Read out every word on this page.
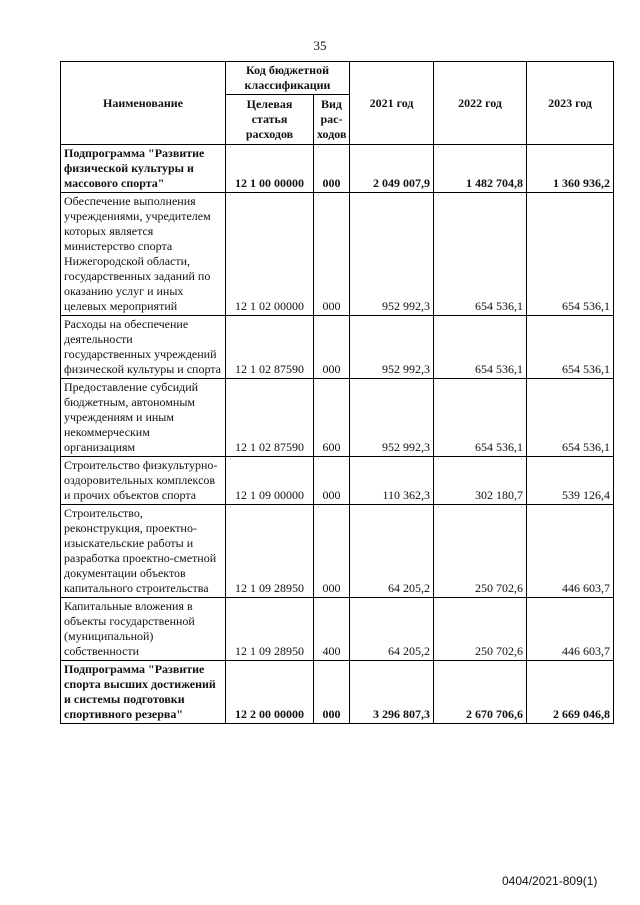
35
Наименование	Код бюджетной классификации		2021 год	2022 год	2023 год
	Целевая статья расходов	Вид рас-ходов			
Подпрограмма "Развитие физической культуры и массового спорта"	12 1 00 00000	000	2 049 007,9	1 482 704,8	1 360 936,2
Обеспечение выполнения учреждениями, учредителем которых является министерство спорта Нижегородской области, государственных заданий по оказанию услуг и иных целевых мероприятий	12 1 02 00000	000	952 992,3	654 536,1	654 536,1
Расходы на обеспечение деятельности государственных учреждений физической культуры и спорта	12 1 02 87590	000	952 992,3	654 536,1	654 536,1
Предоставление субсидий бюджетным, автономным учреждениям и иным некоммерческим организациям	12 1 02 87590	600	952 992,3	654 536,1	654 536,1
Строительство физкультурно-оздоровительных комплексов и прочих объектов спорта	12 1 09 00000	000	110 362,3	302 180,7	539 126,4
Строительство, реконструкция, проектно-изыскательские работы и разработка проектно-сметной документации объектов капитального строительства	12 1 09 28950	000	64 205,2	250 702,6	446 603,7
Капитальные вложения в объекты государственной (муниципальной) собственности	12 1 09 28950	400	64 205,2	250 702,6	446 603,7
Подпрограмма "Развитие спорта высших достижений и системы подготовки спортивного резерва"	12 2 00 00000	000	3 296 807,3	2 670 706,6	2 669 046,8
0404/2021-809(1)
